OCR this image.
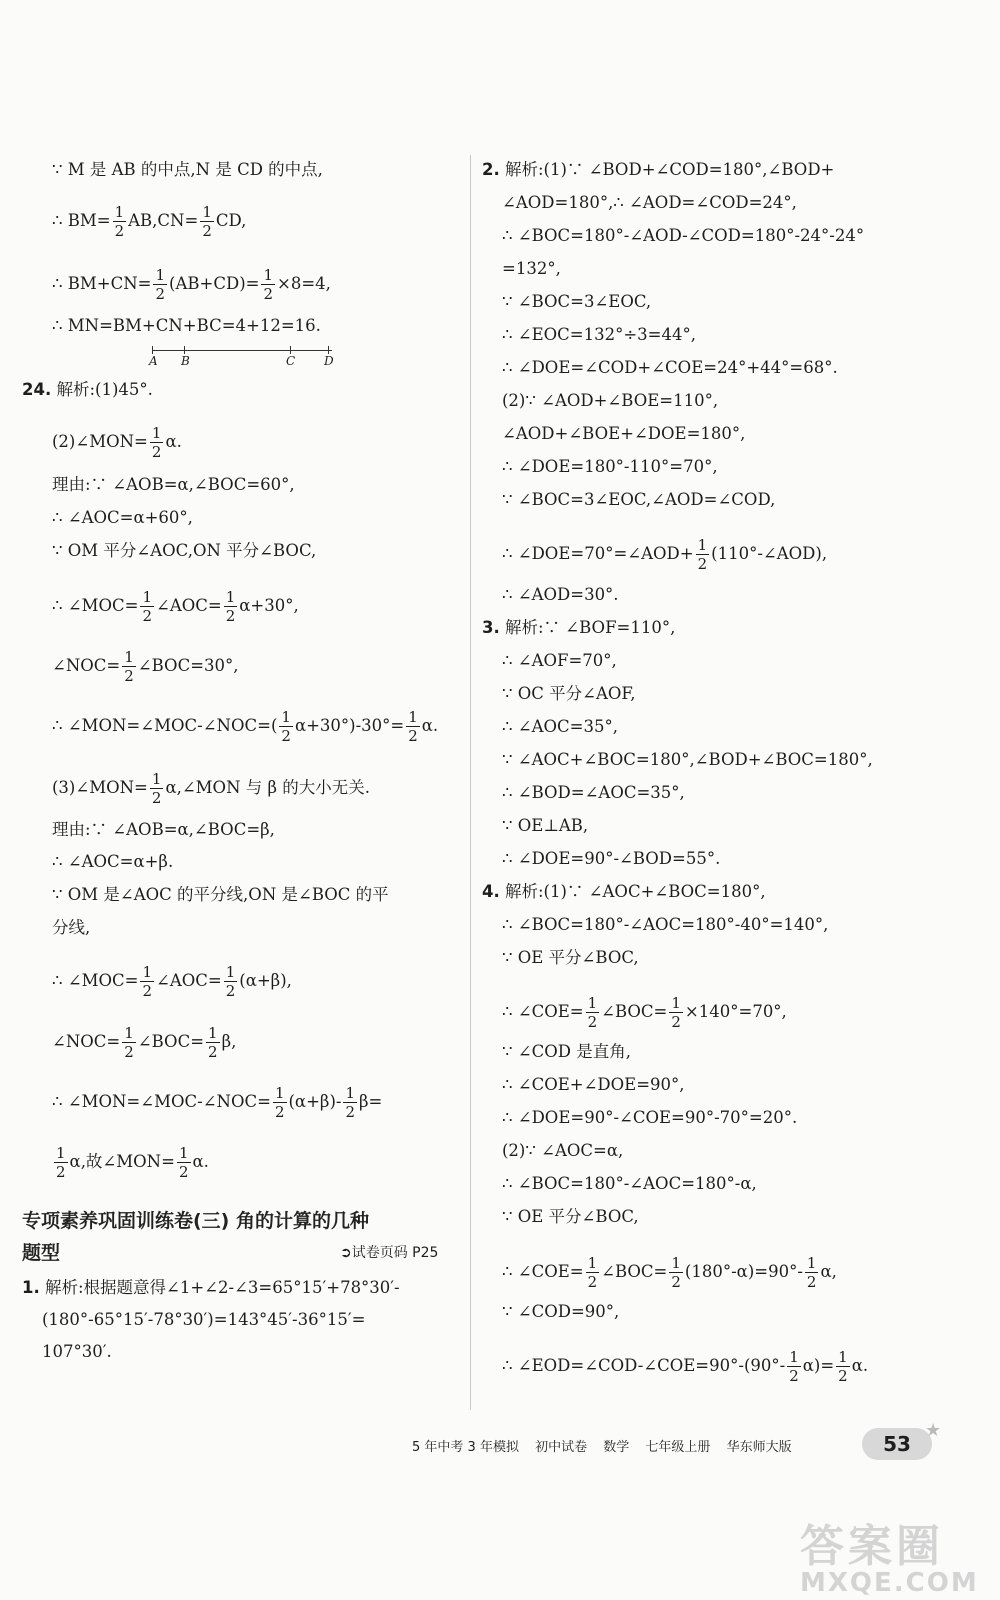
∵ M 是 AB 的中点,N 是 CD 的中点,
∴ $BM= \frac{1}{2} AB,CN= \frac{1}{2}$ CD,
∴ $BM+CN= \frac{1}{2} (AB+CD)= \frac{1}{2} \times 8=4$,
∴ MN=BM+CN+BC=4+12=16.
A B	C D
24. 解析:(1)45°.
(2)∠MON= $\frac{1}{2} \alpha$.
理由:∵ ∠AOB=α,∠BOC=60°,
∴ ∠AOC=α+60°,
∵ OM 平分∠AOC,ON 平分∠BOC,
∴ ∠MOC= $\frac{1}{2}$ ∠AOC= $\frac{1}{2} \alpha+30^\circ$,
∠NOC= $\frac{1}{2}$ ∠BOC=30°,
∴ ∠MON=∠MOC-∠NOC=( $\frac{1}{2} \alpha+30^\circ)-30^\circ= \frac{1}{2} \alpha$.
(3)∠MON= $\frac{1}{2}$ α,∠MON 与 β 的大小无关.
理由:∵ ∠AOB=α,∠BOC=β,
∴ ∠AOC=α+β.
∵ OM 是∠AOC 的平分线,ON 是∠BOC 的平
分线,
∴ ∠MOC= $\frac{1}{2}$ ∠AOC= $\frac{1}{2} (\alpha+\beta)$,
∠NOC= $\frac{1}{2}$ ∠BOC= $\frac{1}{2} \beta$,
∴ ∠MON=∠MOC-∠NOC= $\frac{1}{2} (\alpha+\beta)- \frac{1}{2} \beta=$
$\frac{1}{2} \alpha$,故∠MON= $\frac{1}{2} \alpha$.
专项素养巩固训练卷(三) 角的计算的几种
题型	➲试卷页码 P25
1. 解析:根据题意得∠1+∠2-∠3=65°15′+78°30′-
(180°-65°15′-78°30′)=143°45′-36°15′=
107°30′.
2. 解析:(1)∵ ∠BOD+∠COD=180°,∠BOD+
∠AOD=180°,∴ ∠AOD=∠COD=24°,
∴ ∠BOC=180°-∠AOD-∠COD=180°-24°-24°
=132°,
∵ ∠BOC=3∠EOC,
∴ ∠EOC=132°÷3=44°,
∴ ∠DOE=∠COD+∠COE=24°+44°=68°.
(2)∵ ∠AOD+∠BOE=110°,
∠AOD+∠BOE+∠DOE=180°,
∴ ∠DOE=180°-110°=70°,
∵ ∠BOC=3∠EOC,∠AOD=∠COD,
∴ ∠DOE=70°=∠AOD+ $\frac{1}{2}$ (110°-∠AOD),
∴ ∠AOD=30°.
3. 解析:∵ ∠BOF=110°,
∴ ∠AOF=70°,
∵ OC 平分∠AOF,
∴ ∠AOC=35°,
∵ ∠AOC+∠BOC=180°,∠BOD+∠BOC=180°,
∴ ∠BOD=∠AOC=35°,
∵ OE⊥AB,
∴ ∠DOE=90°-∠BOD=55°.
4. 解析:(1)∵ ∠AOC+∠BOC=180°,
∴ ∠BOC=180°-∠AOC=180°-40°=140°,
∵ OE 平分∠BOC,
∴ ∠COE= $\frac{1}{2}$ ∠BOC= $\frac{1}{2} \times 140^\circ=70^\circ$,
∵ ∠COD 是直角,
∴ ∠COE+∠DOE=90°,
∴ ∠DOE=90°-∠COE=90°-70°=20°.
(2)∵ ∠AOC=α,
∴ ∠BOC=180°-∠AOC=180°-α,
∵ OE 平分∠BOC,
∴ ∠COE= $\frac{1}{2}$ ∠BOC= $\frac{1}{2} (180^\circ-\alpha)=90^\circ- \frac{1}{2} \alpha$,
∵ ∠COD=90°,
∴ ∠EOD=∠COD-∠COE=90°-(90°- $\frac{1}{2} \alpha)= \frac{1}{2} \alpha$.
5 年中考 3 年模拟 初中试卷 数学 七年级上册 华东师大版	53
★
答案圈
MXQE.COM
